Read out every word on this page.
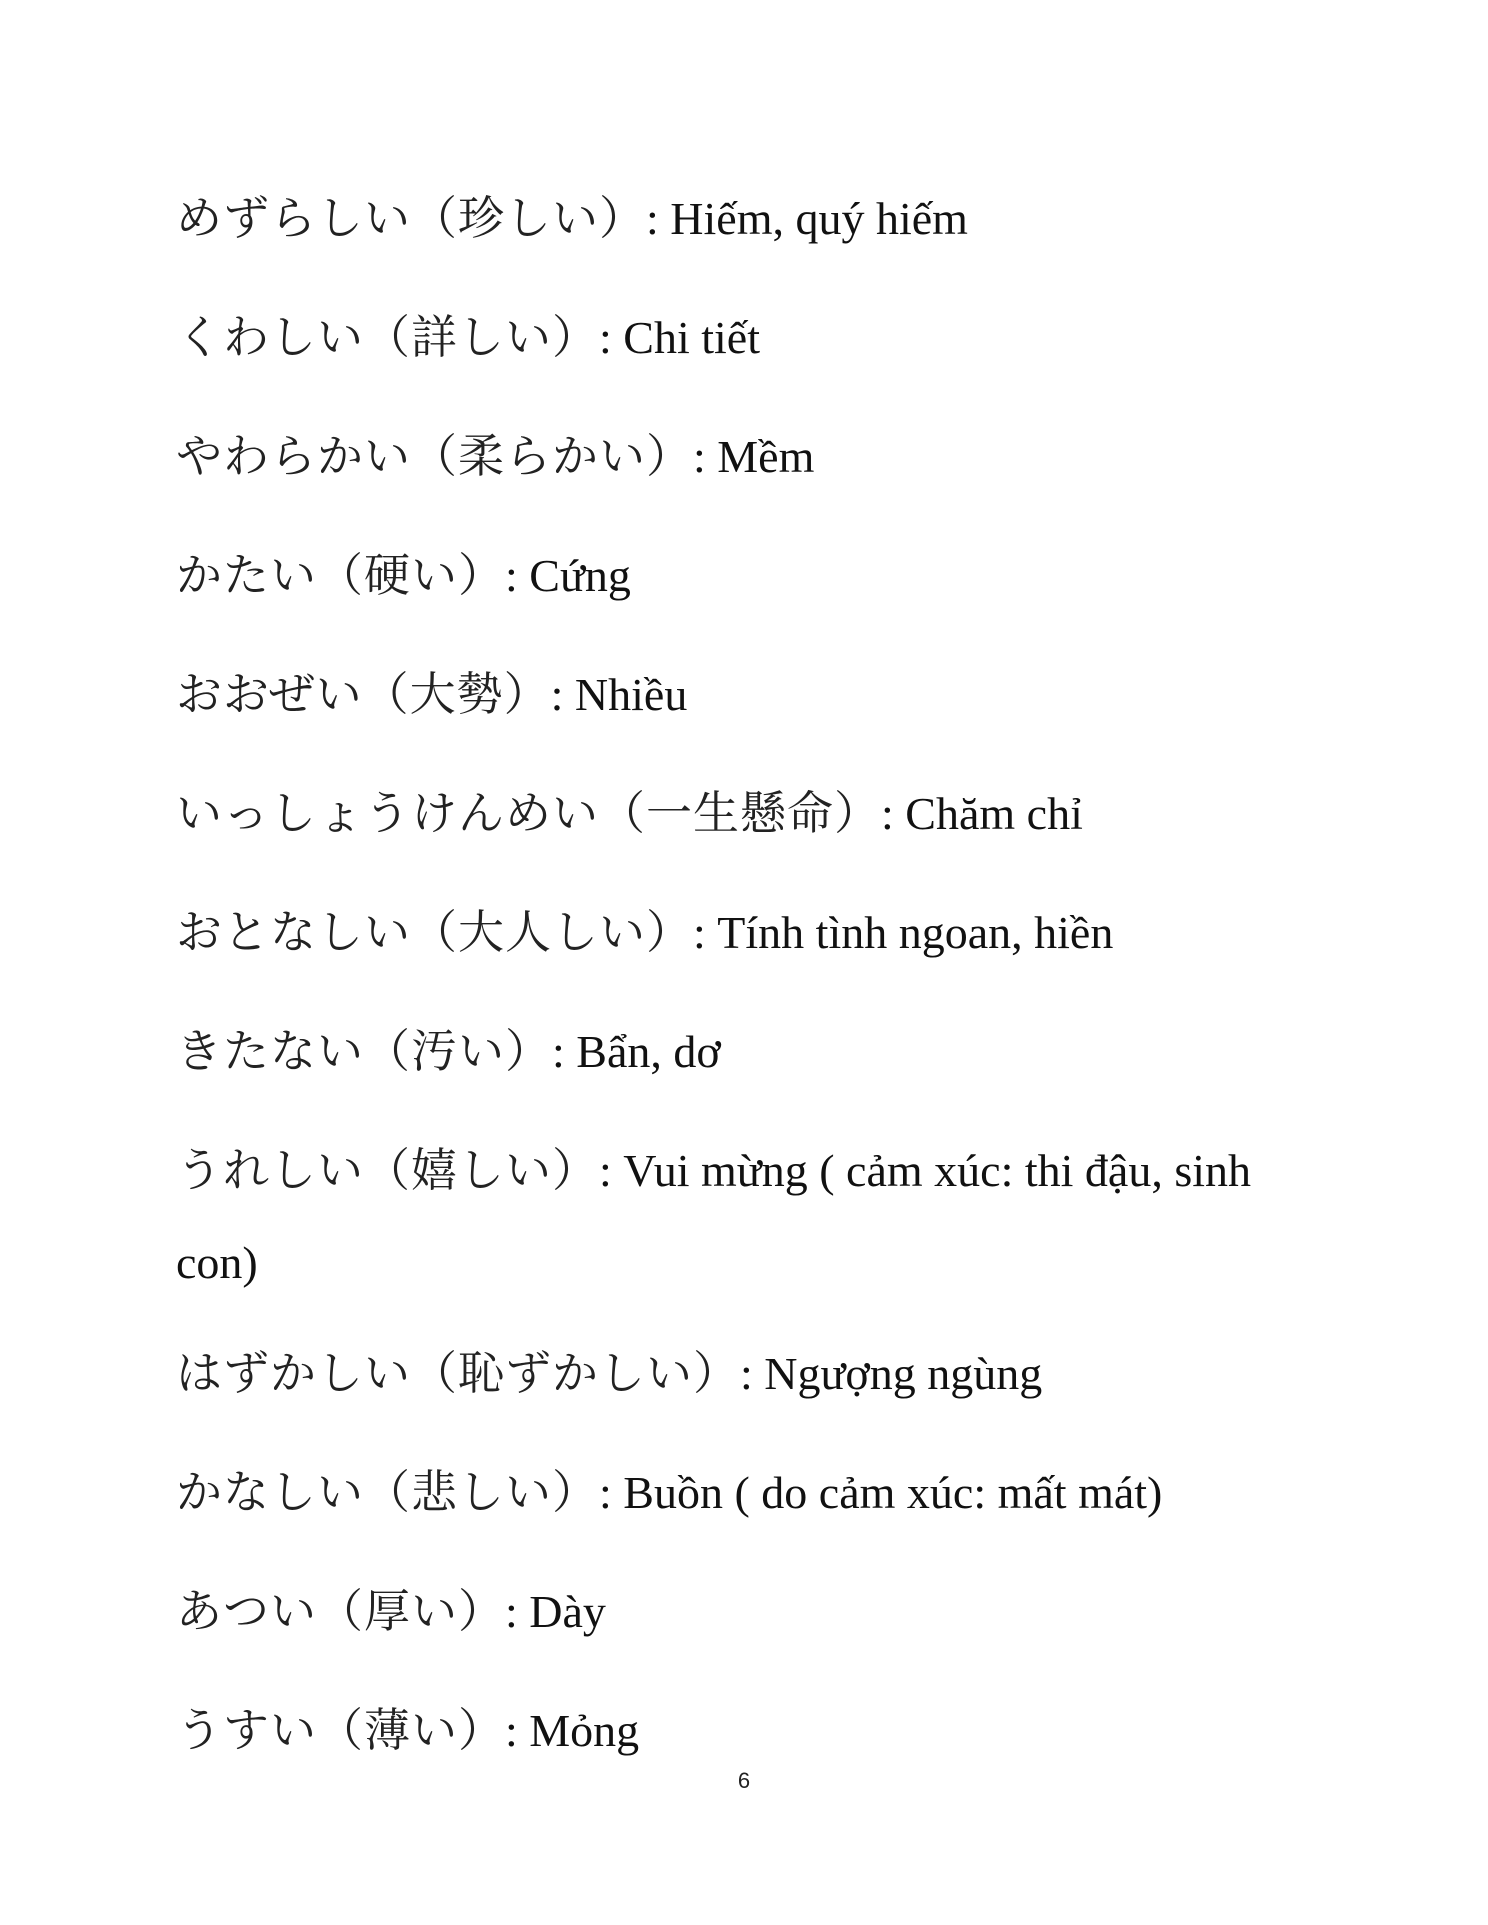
めずらしい（珍しい）: Hiếm, quý hiếm
くわしい（詳しい）: Chi tiết
やわらかい（柔らかい）: Mềm
かたい（硬い）: Cứng
おおぜい（大勢）: Nhiều
いっしょうけんめい（一生懸命）: Chăm chỉ
おとなしい（大人しい）: Tính tình ngoan, hiền
きたない（汚い）: Bẩn, dơ
うれしい（嬉しい）: Vui mừng ( cảm xúc: thi đậu, sinh con)
はずかしい（恥ずかしい）: Ngượng ngùng
かなしい（悲しい）: Buồn ( do cảm xúc: mất mát)
あつい（厚い）: Dày
うすい（薄い）: Mỏng
6
